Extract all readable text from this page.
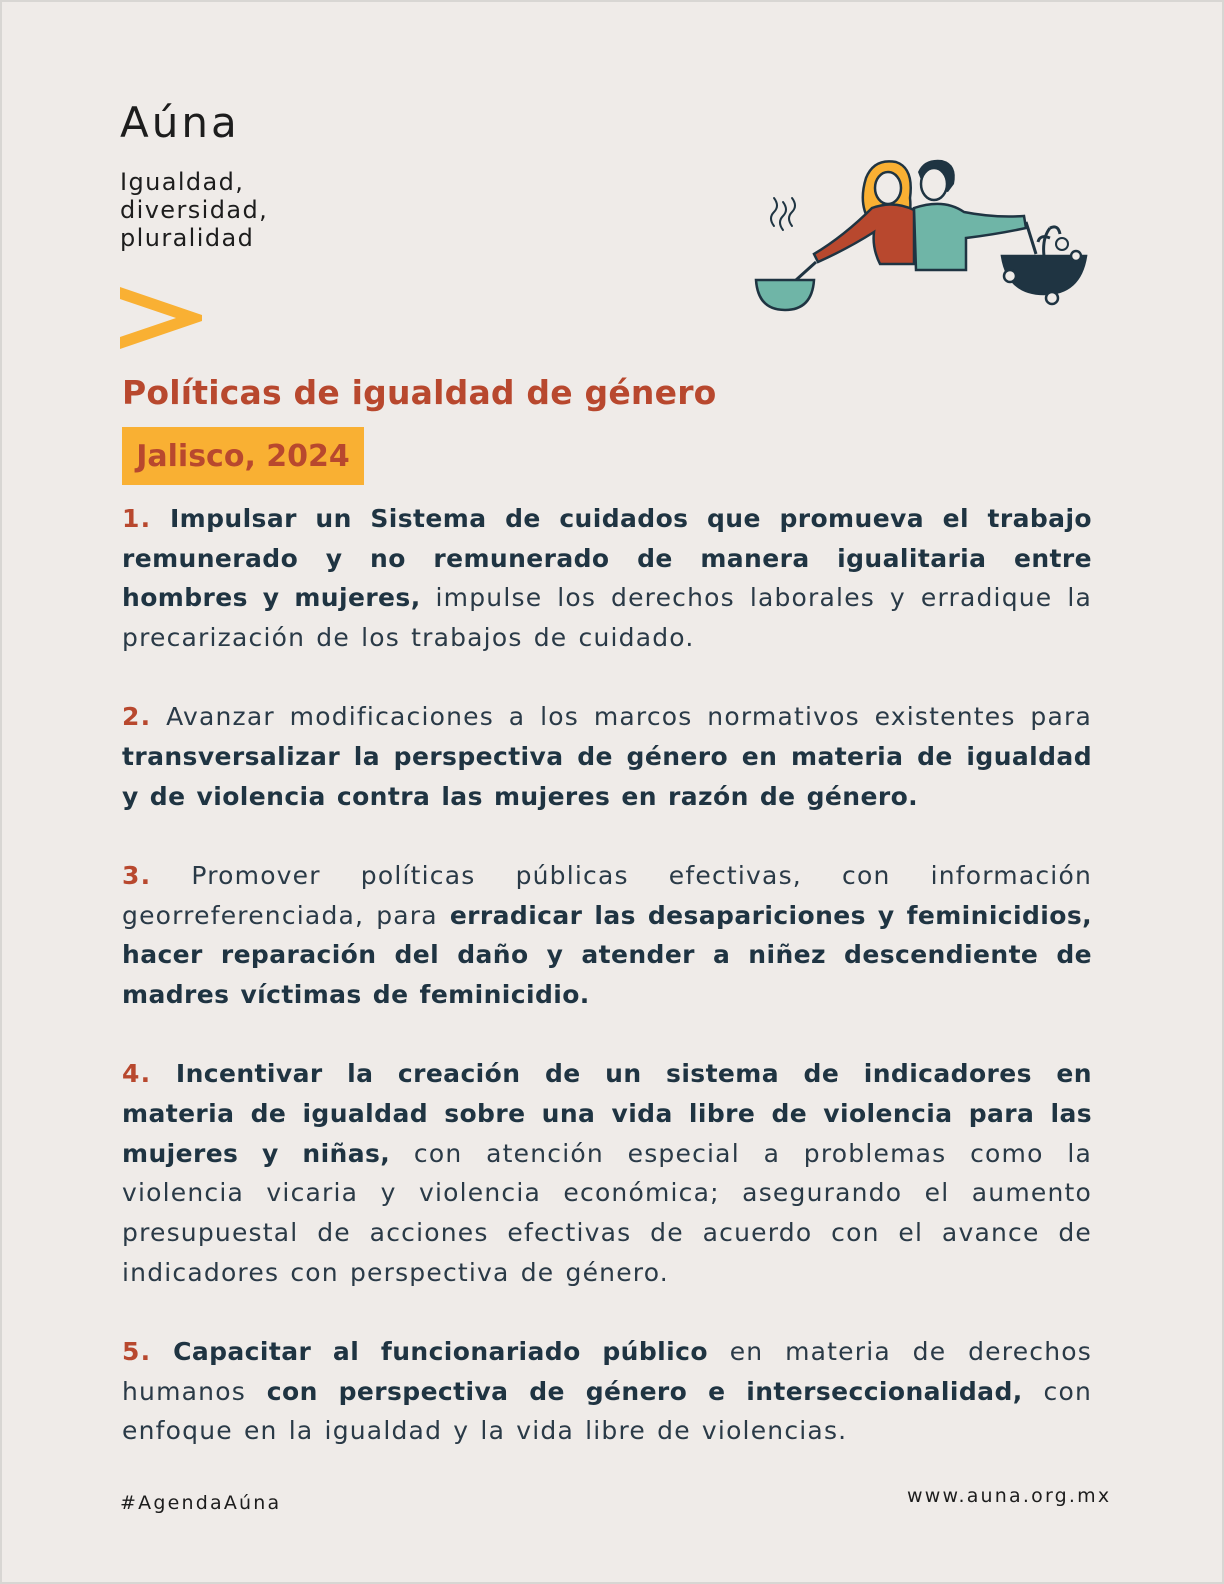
Aúna
Igualdad,
diversidad,
pluralidad
Políticas de igualdad de género
Jalisco, 2024

1. Impulsar un Sistema de cuidados que promueva el trabajo remunerado y no remunerado de manera igualitaria entre hombres y mujeres, impulse los derechos laborales y erradique la precarización de los trabajos de cuidado.

2. Avanzar modificaciones a los marcos normativos existentes para transversalizar la perspectiva de género en materia de igualdad y de violencia contra las mujeres en razón de género.

3. Promover políticas públicas efectivas, con información georreferenciada, para erradicar las desapariciones y feminicidios, hacer reparación del daño y atender a niñez descendiente de madres víctimas de feminicidio.

4. Incentivar la creación de un sistema de indicadores en materia de igualdad sobre una vida libre de violencia para las mujeres y niñas, con atención especial a problemas como la violencia vicaria y violencia económica; asegurando el aumento presupuestal de acciones efectivas de acuerdo con el avance de indicadores con perspectiva de género.

5. Capacitar al funcionariado público en materia de derechos humanos con perspectiva de género e interseccionalidad, con enfoque en la igualdad y la vida libre de violencias.

#AgendaAúna	www.auna.org.mx
